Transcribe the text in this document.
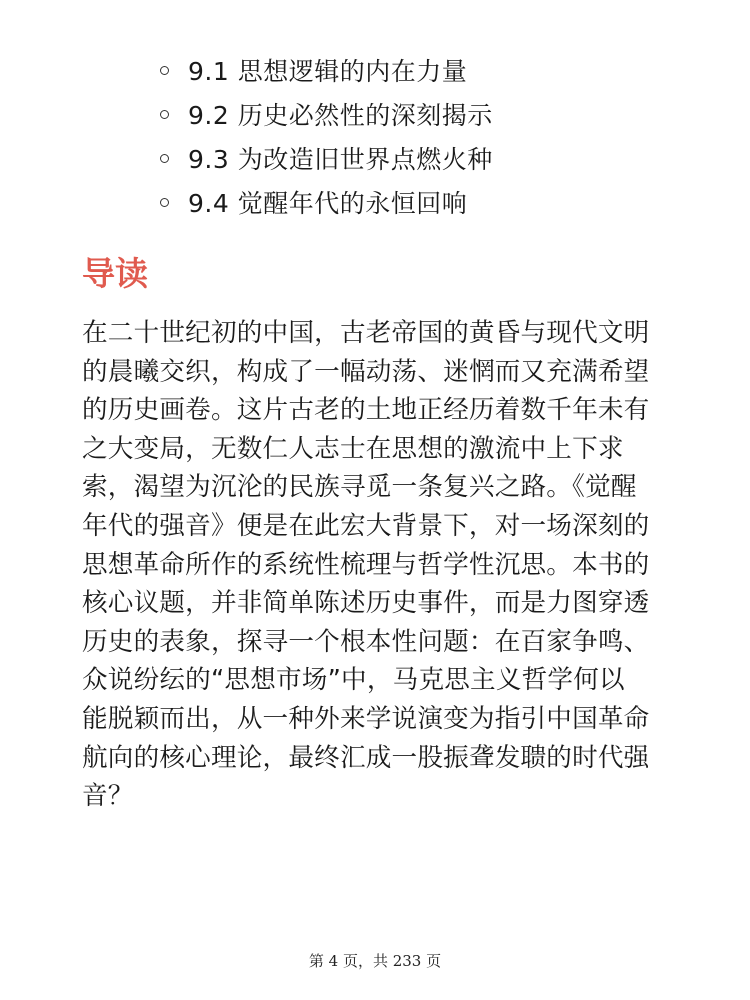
9.1 思想逻辑的内在力量
9.2 历史必然性的深刻揭示
9.3 为改造旧世界点燃火种
9.4 觉醒年代的永恒回响
导读
在二十世纪初的中国，古老帝国的黄昏与现代文明
的晨曦交织，构成了一幅动荡、迷惘而又充满希望
的历史画卷。这片古老的土地正经历着数千年未有
之大变局，无数仁人志士在思想的激流中上下求
索，渴望为沉沦的民族寻觅一条复兴之路。《觉醒
年代的强音》便是在此宏大背景下，对一场深刻的
思想革命所作的系统性梳理与哲学性沉思。本书的
核心议题，并非简单陈述历史事件，而是力图穿透
历史的表象，探寻一个根本性问题：在百家争鸣、
众说纷纭的“思想市场”中，马克思主义哲学何以
能脱颖而出，从一种外来学说演变为指引中国革命
航向的核心理论，最终汇成一股振聋发聩的时代强
音？
第 4 页，共 233 页
